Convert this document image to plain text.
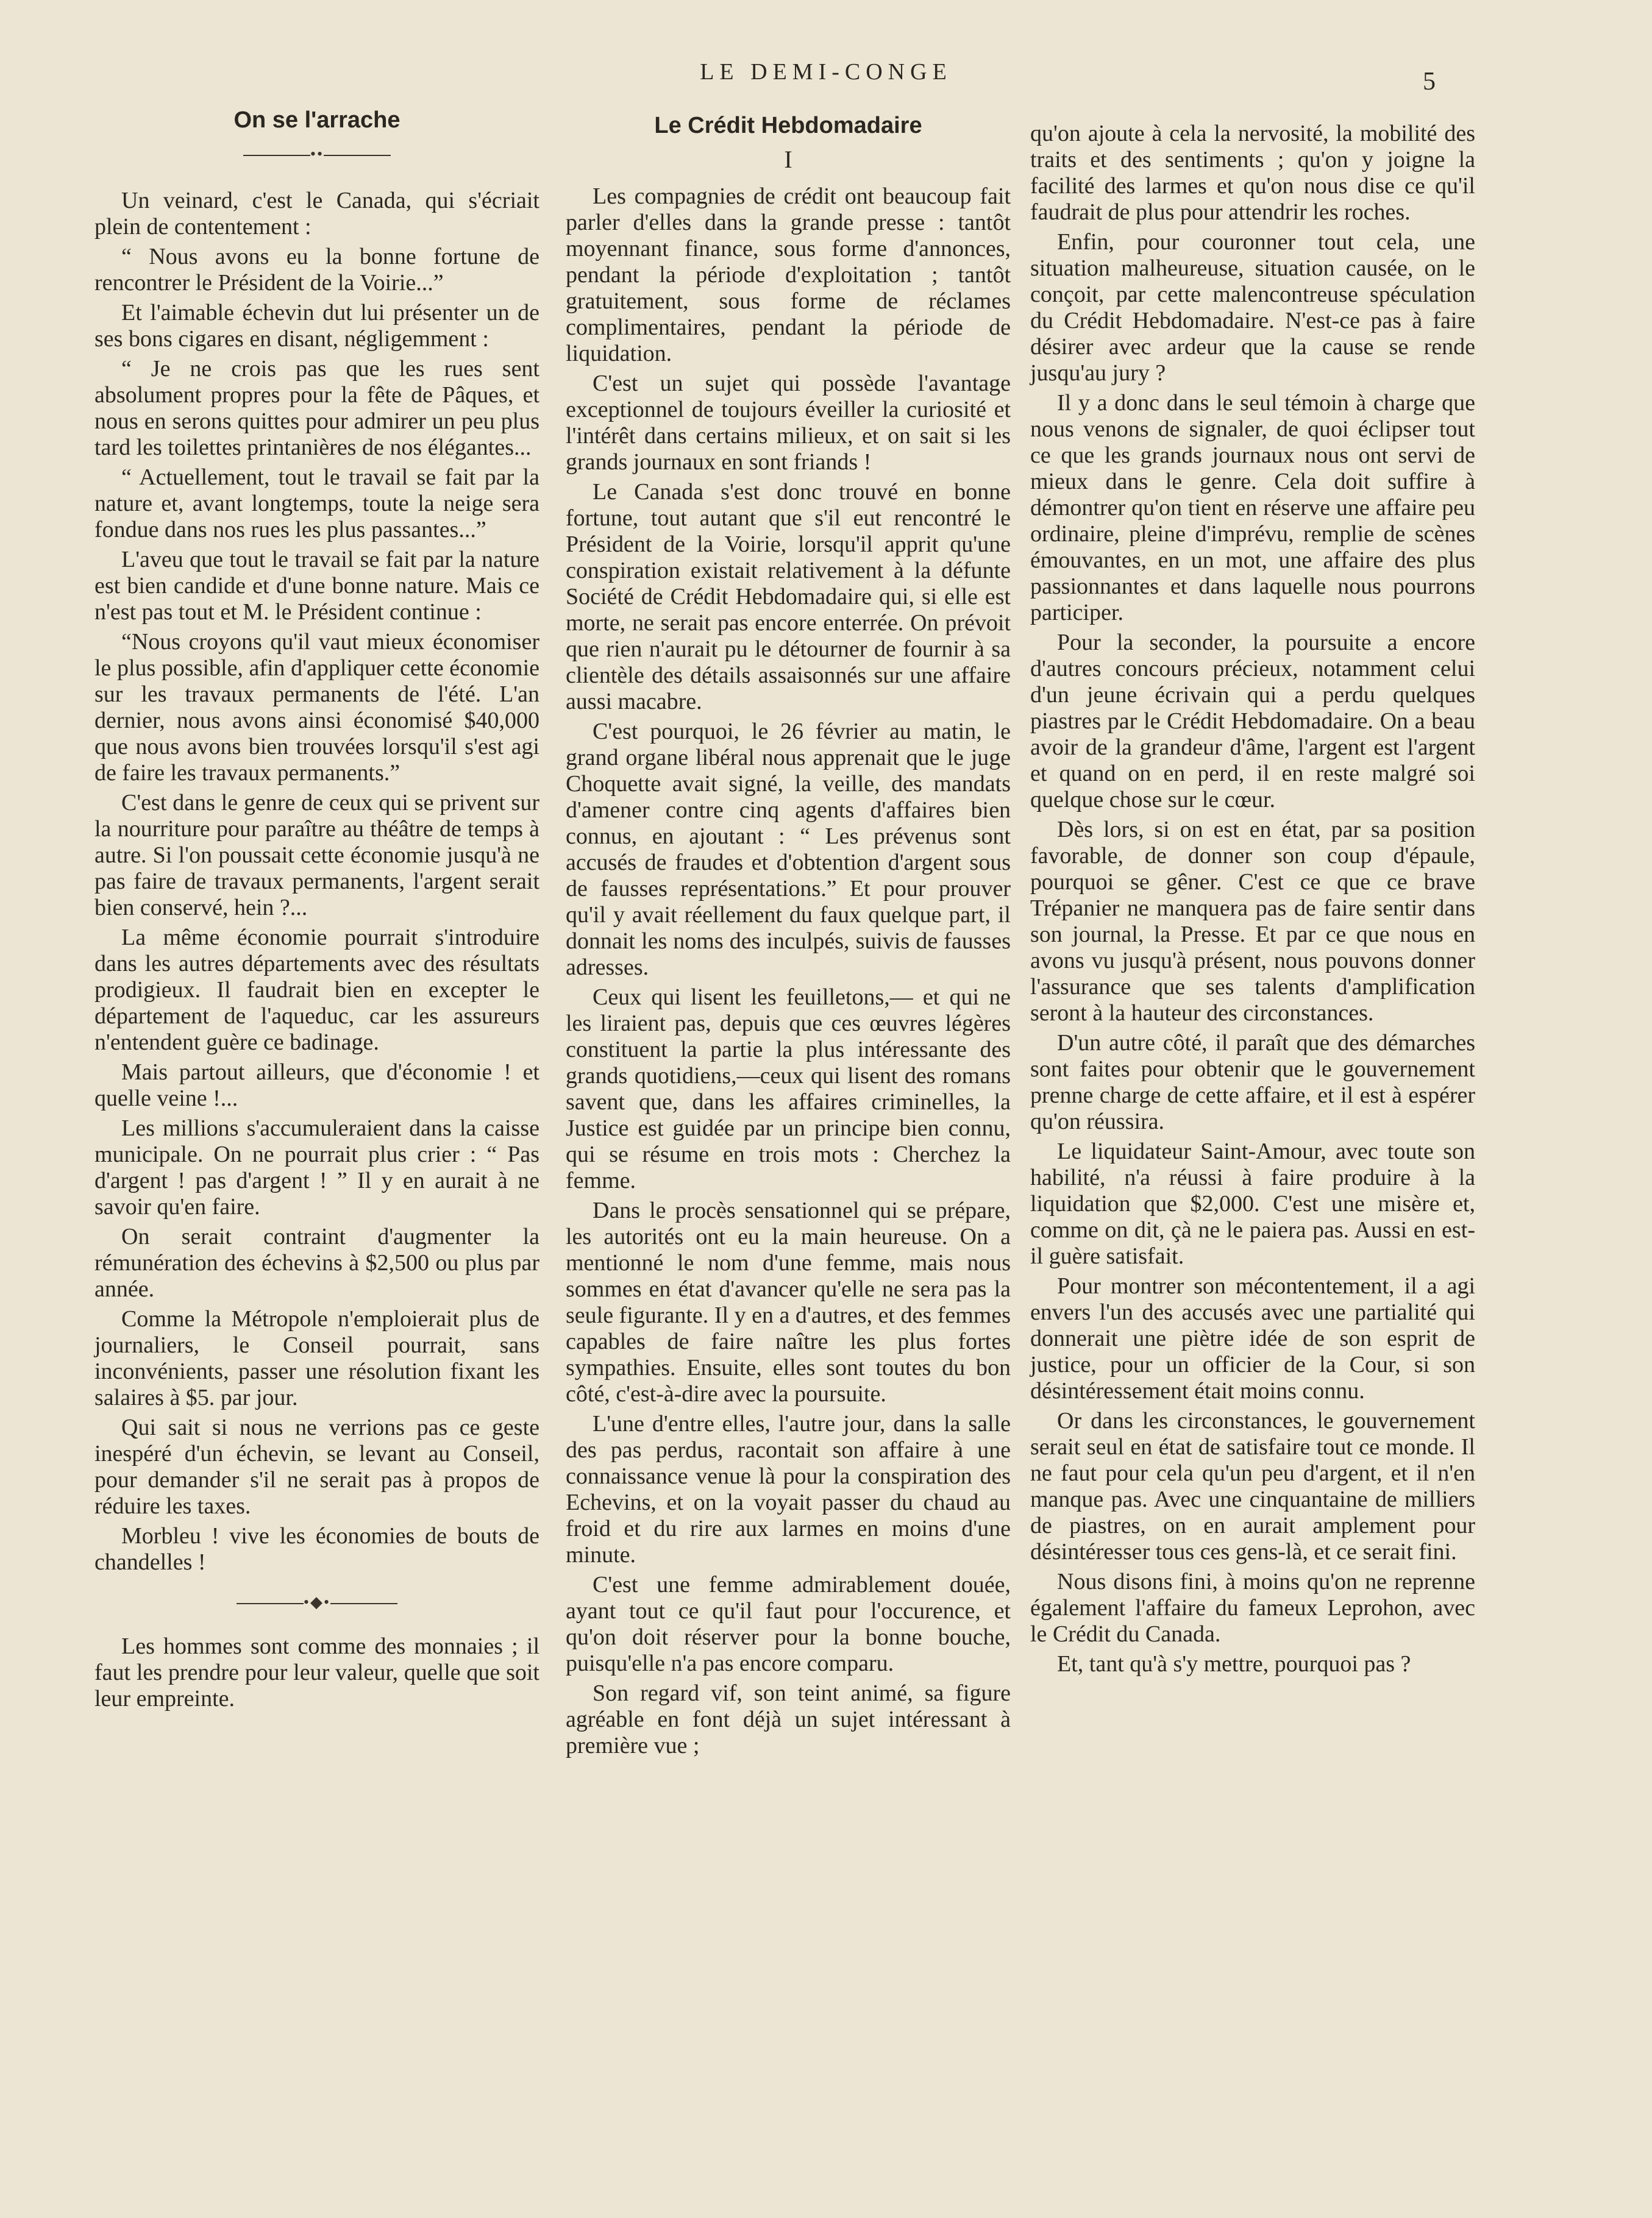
LE DEMI-CONGE	5
On se l'arrache
••

Un veinard, c'est le Canada, qui s'écriait plein de contentement :

“ Nous avons eu la bonne fortune de rencontrer le Président de la Voirie...”

Et l'aimable échevin dut lui présenter un de ses bons cigares en disant, négligemment :

“ Je ne crois pas que les rues sent absolument propres pour la fête de Pâques, et nous en serons quittes pour admirer un peu plus tard les toilettes printanières de nos élégantes...

“ Actuellement, tout le travail se fait par la nature et, avant longtemps, toute la neige sera fondue dans nos rues les plus passantes...”

L'aveu que tout le travail se fait par la nature est bien candide et d'une bonne nature. Mais ce n'est pas tout et M. le Président continue :

“Nous croyons qu'il vaut mieux économiser le plus possible, afin d'appliquer cette économie sur les travaux permanents de l'été. L'an dernier, nous avons ainsi économisé $40,000 que nous avons bien trouvées lorsqu'il s'est agi de faire les travaux permanents.”

C'est dans le genre de ceux qui se privent sur la nourriture pour paraître au théâtre de temps à autre. Si l'on poussait cette économie jusqu'à ne pas faire de travaux permanents, l'argent serait bien conservé, hein ?...

La même économie pourrait s'introduire dans les autres départements avec des résultats prodigieux. Il faudrait bien en excepter le département de l'aqueduc, car les assureurs n'entendent guère ce badinage.

Mais partout ailleurs, que d'économie ! et quelle veine !...

Les millions s'accumuleraient dans la caisse municipale. On ne pourrait plus crier : “ Pas d'argent ! pas d'argent ! ” Il y en aurait à ne savoir qu'en faire.

On serait contraint d'augmenter la rémunération des échevins à $2,500 ou plus par année.

Comme la Métropole n'emploierait plus de journaliers, le Conseil pourrait, sans inconvénients, passer une résolution fixant les salaires à $5. par jour.

Qui sait si nous ne verrions pas ce geste inespéré d'un échevin, se levant au Conseil, pour demander s'il ne serait pas à propos de réduire les taxes.

Morbleu ! vive les économies de bouts de chandelles !

•◆•

Les hommes sont comme des monnaies ; il faut les prendre pour leur valeur, quelle que soit leur empreinte.

Le Crédit Hebdomadaire
I

Les compagnies de crédit ont beaucoup fait parler d'elles dans la grande presse : tantôt moyennant finance, sous forme d'annonces, pendant la période d'exploitation ; tantôt gratuitement, sous forme de réclames complimentaires, pendant la période de liquidation.

C'est un sujet qui possède l'avantage exceptionnel de toujours éveiller la curiosité et l'intérêt dans certains milieux, et on sait si les grands journaux en sont friands !

Le Canada s'est donc trouvé en bonne fortune, tout autant que s'il eut rencontré le Président de la Voirie, lorsqu'il apprit qu'une conspiration existait relativement à la défunte Société de Crédit Hebdomadaire qui, si elle est morte, ne serait pas encore enterrée. On prévoit que rien n'aurait pu le détourner de fournir à sa clientèle des détails assaisonnés sur une affaire aussi macabre.

C'est pourquoi, le 26 février au matin, le grand organe libéral nous apprenait que le juge Choquette avait signé, la veille, des mandats d'amener contre cinq agents d'affaires bien connus, en ajoutant : “ Les prévenus sont accusés de fraudes et d'obtention d'argent sous de fausses représentations.” Et pour prouver qu'il y avait réellement du faux quelque part, il donnait les noms des inculpés, suivis de fausses adresses.

Ceux qui lisent les feuilletons,— et qui ne les liraient pas, depuis que ces œuvres légères constituent la partie la plus intéressante des grands quotidiens,—ceux qui lisent des romans savent que, dans les affaires criminelles, la Justice est guidée par un principe bien connu, qui se résume en trois mots : Cherchez la femme.

Dans le procès sensationnel qui se prépare, les autorités ont eu la main heureuse. On a mentionné le nom d'une femme, mais nous sommes en état d'avancer qu'elle ne sera pas la seule figurante. Il y en a d'autres, et des femmes capables de faire naître les plus fortes sympathies. Ensuite, elles sont toutes du bon côté, c'est-à-dire avec la poursuite.

L'une d'entre elles, l'autre jour, dans la salle des pas perdus, racontait son affaire à une connaissance venue là pour la conspiration des Echevins, et on la voyait passer du chaud au froid et du rire aux larmes en moins d'une minute.

C'est une femme admirablement douée, ayant tout ce qu'il faut pour l'occurence, et qu'on doit réserver pour la bonne bouche, puisqu'elle n'a pas encore comparu.

Son regard vif, son teint animé, sa figure agréable en font déjà un sujet intéressant à première vue ;

qu'on ajoute à cela la nervosité, la mobilité des traits et des sentiments ; qu'on y joigne la facilité des larmes et qu'on nous dise ce qu'il faudrait de plus pour attendrir les roches.

Enfin, pour couronner tout cela, une situation malheureuse, situation causée, on le conçoit, par cette malencontreuse spéculation du Crédit Hebdomadaire. N'est-ce pas à faire désirer avec ardeur que la cause se rende jusqu'au jury ?

Il y a donc dans le seul témoin à charge que nous venons de signaler, de quoi éclipser tout ce que les grands journaux nous ont servi de mieux dans le genre. Cela doit suffire à démontrer qu'on tient en réserve une affaire peu ordinaire, pleine d'imprévu, remplie de scènes émouvantes, en un mot, une affaire des plus passionnantes et dans laquelle nous pourrons participer.

Pour la seconder, la poursuite a encore d'autres concours précieux, notamment celui d'un jeune écrivain qui a perdu quelques piastres par le Crédit Hebdomadaire. On a beau avoir de la grandeur d'âme, l'argent est l'argent et quand on en perd, il en reste malgré soi quelque chose sur le cœur.

Dès lors, si on est en état, par sa position favorable, de donner son coup d'épaule, pourquoi se gêner. C'est ce que ce brave Trépanier ne manquera pas de faire sentir dans son journal, la Presse. Et par ce que nous en avons vu jusqu'à présent, nous pouvons donner l'assurance que ses talents d'amplification seront à la hauteur des circonstances.

D'un autre côté, il paraît que des démarches sont faites pour obtenir que le gouvernement prenne charge de cette affaire, et il est à espérer qu'on réussira.

Le liquidateur Saint-Amour, avec toute son habilité, n'a réussi à faire produire à la liquidation que $2,000. C'est une misère et, comme on dit, çà ne le paiera pas. Aussi en est-il guère satisfait.

Pour montrer son mécontentement, il a agi envers l'un des accusés avec une partialité qui donnerait une piètre idée de son esprit de justice, pour un officier de la Cour, si son désintéressement était moins connu.

Or dans les circonstances, le gouvernement serait seul en état de satisfaire tout ce monde. Il ne faut pour cela qu'un peu d'argent, et il n'en manque pas. Avec une cinquantaine de milliers de piastres, on en aurait amplement pour désintéresser tous ces gens-là, et ce serait fini.

Nous disons fini, à moins qu'on ne reprenne également l'affaire du fameux Leprohon, avec le Crédit du Canada.

Et, tant qu'à s'y mettre, pourquoi pas ?
